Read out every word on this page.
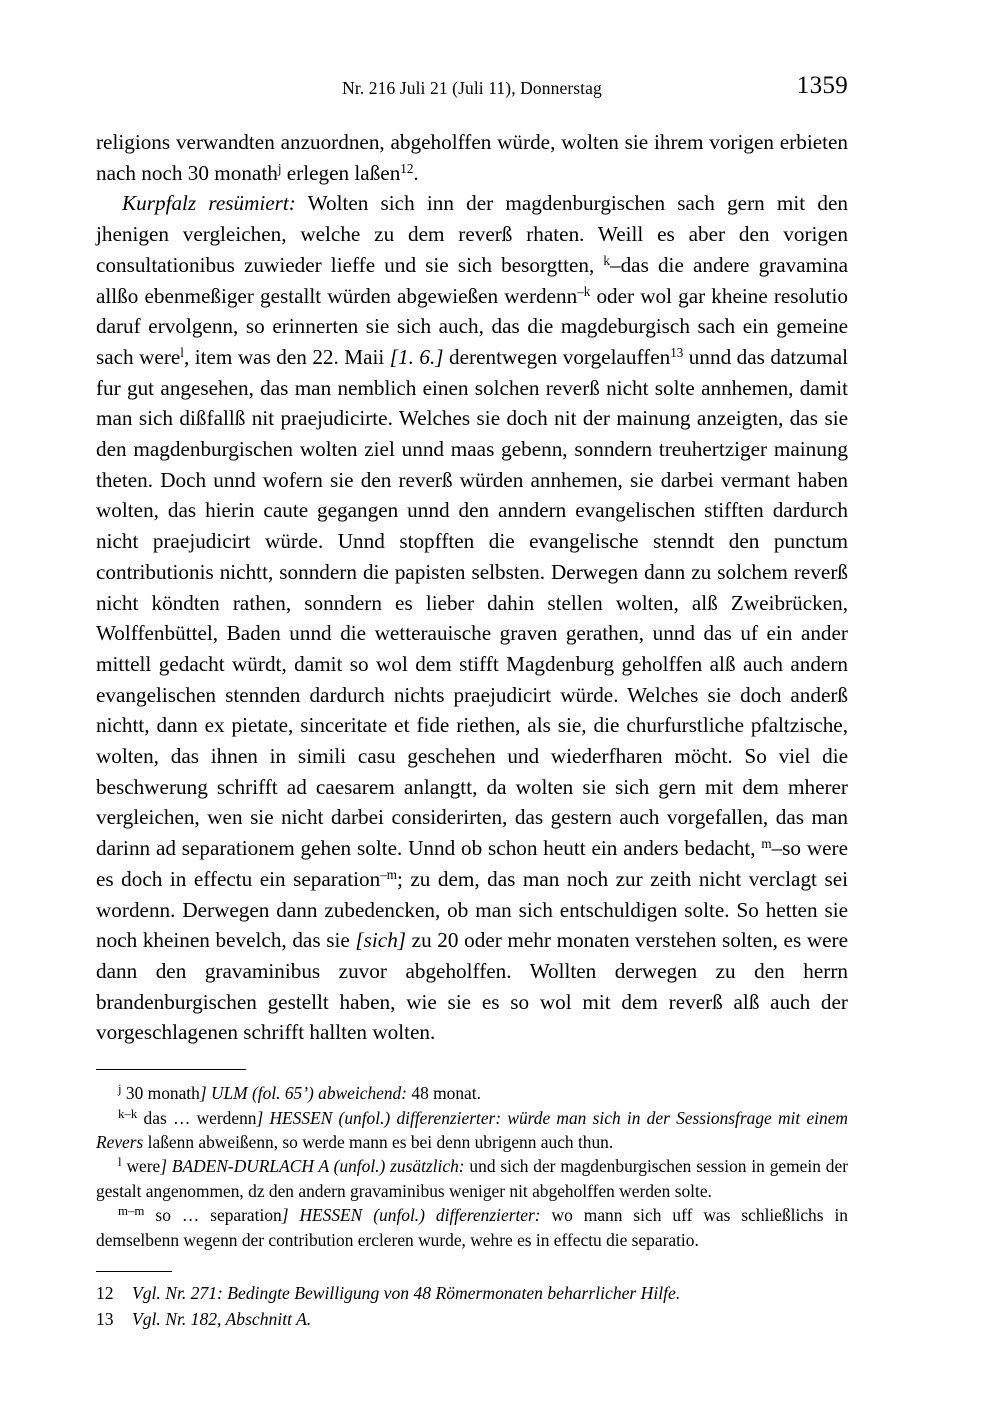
Nr. 216 Juli 21 (Juli 11), Donnerstag	1359

religions verwandten anzuordnen, abgeholffen würde, wolten sie ihrem vorigen erbieten nach noch 30 monath$^j$ erlegen laßen$^{12}$.

Kurpfalz resümiert: Wolten sich inn der magdenburgischen sach gern mit den jhenigen vergleichen, welche zu dem reverß rhaten. Weill es aber den vorigen consultationibus zuwieder lieffe und sie sich besorgtten, $^k$–das die andere gravamina allßo ebenmeßiger gestallt würden abgewießen werdenn$^{-k}$ oder wol gar kheine resolutio daruf ervolgenn, so erinnerten sie sich auch, das die magdeburgisch sach ein gemeine sach were$^l$, item was den 22. Maii [1. 6.] derentwegen vorgelauffen$^{13}$ unnd das datzumal fur gut angesehen, das man nemblich einen solchen reverß nicht solte annhemen, damit man sich dißfallß nit praejudicirte. Welches sie doch nit der mainung anzeigten, das sie den magdenburgischen wolten ziel unnd maas gebenn, sonndern treuhertziger mainung theten. Doch unnd wofern sie den reverß würden annhemen, sie darbei vermant haben wolten, das hierin caute gegangen unnd den anndern evangelischen stifften dardurch nicht praejudicirt würde. Unnd stopfften die evangelische stenndt den punctum contributionis nichtt, sonndern die papisten selbsten. Derwegen dann zu solchem reverß nicht köndten rathen, sonndern es lieber dahin stellen wolten, alß Zweibrücken, Wolffenbüttel, Baden unnd die wetterauische graven gerathen, unnd das uf ein ander mittell gedacht würdt, damit so wol dem stifft Magdenburg geholffen alß auch andern evangelischen stennden dardurch nichts praejudicirt würde. Welches sie doch anderß nichtt, dann ex pietate, sinceritate et fide riethen, als sie, die churfurstliche pfaltzische, wolten, das ihnen in simili casu geschehen und wiederfharen möcht. So viel die beschwerung schrifft ad caesarem anlangtt, da wolten sie sich gern mit dem mherer vergleichen, wen sie nicht darbei considerirten, das gestern auch vorgefallen, das man darinn ad separationem gehen solte. Unnd ob schon heutt ein anders bedacht, $^m$–so were es doch in effectu ein separation$^{-m}$; zu dem, das man noch zur zeith nicht verclagt sei wordenn. Derwegen dann zubedencken, ob man sich entschuldigen solte. So hetten sie noch kheinen bevelch, das sie [sich] zu 20 oder mehr monaten verstehen solten, es were dann den gravaminibus zuvor abgeholffen. Wollten derwegen zu den herrn brandenburgischen gestellt haben, wie sie es so wol mit dem reverß alß auch der vorgeschlagenen schrifft hallten wolten.

$^j$ 30 monath] ULM (fol. 65’) abweichend: 48 monat.

$^{k-k}$ das … werdenn] HESSEN (unfol.) differenzierter: würde man sich in der Sessionsfrage mit einem Revers laßenn abweißenn, so werde mann es bei denn ubrigenn auch thun.

$^l$ were] BADEN-DURLACH A (unfol.) zusätzlich: und sich der magdenburgischen session in gemein der gestalt angenommen, dz den andern gravaminibus weniger nit abgeholffen werden solte.

$^{m-m}$ so … separation] HESSEN (unfol.) differenzierter: wo mann sich uff was schließlichs in demselbenn wegenn der contribution ercleren wurde, wehre es in effectu die separatio.

12 Vgl. Nr. 271: Bedingte Bewilligung von 48 Römermonaten beharrlicher Hilfe.

13 Vgl. Nr. 182, Abschnitt A.
